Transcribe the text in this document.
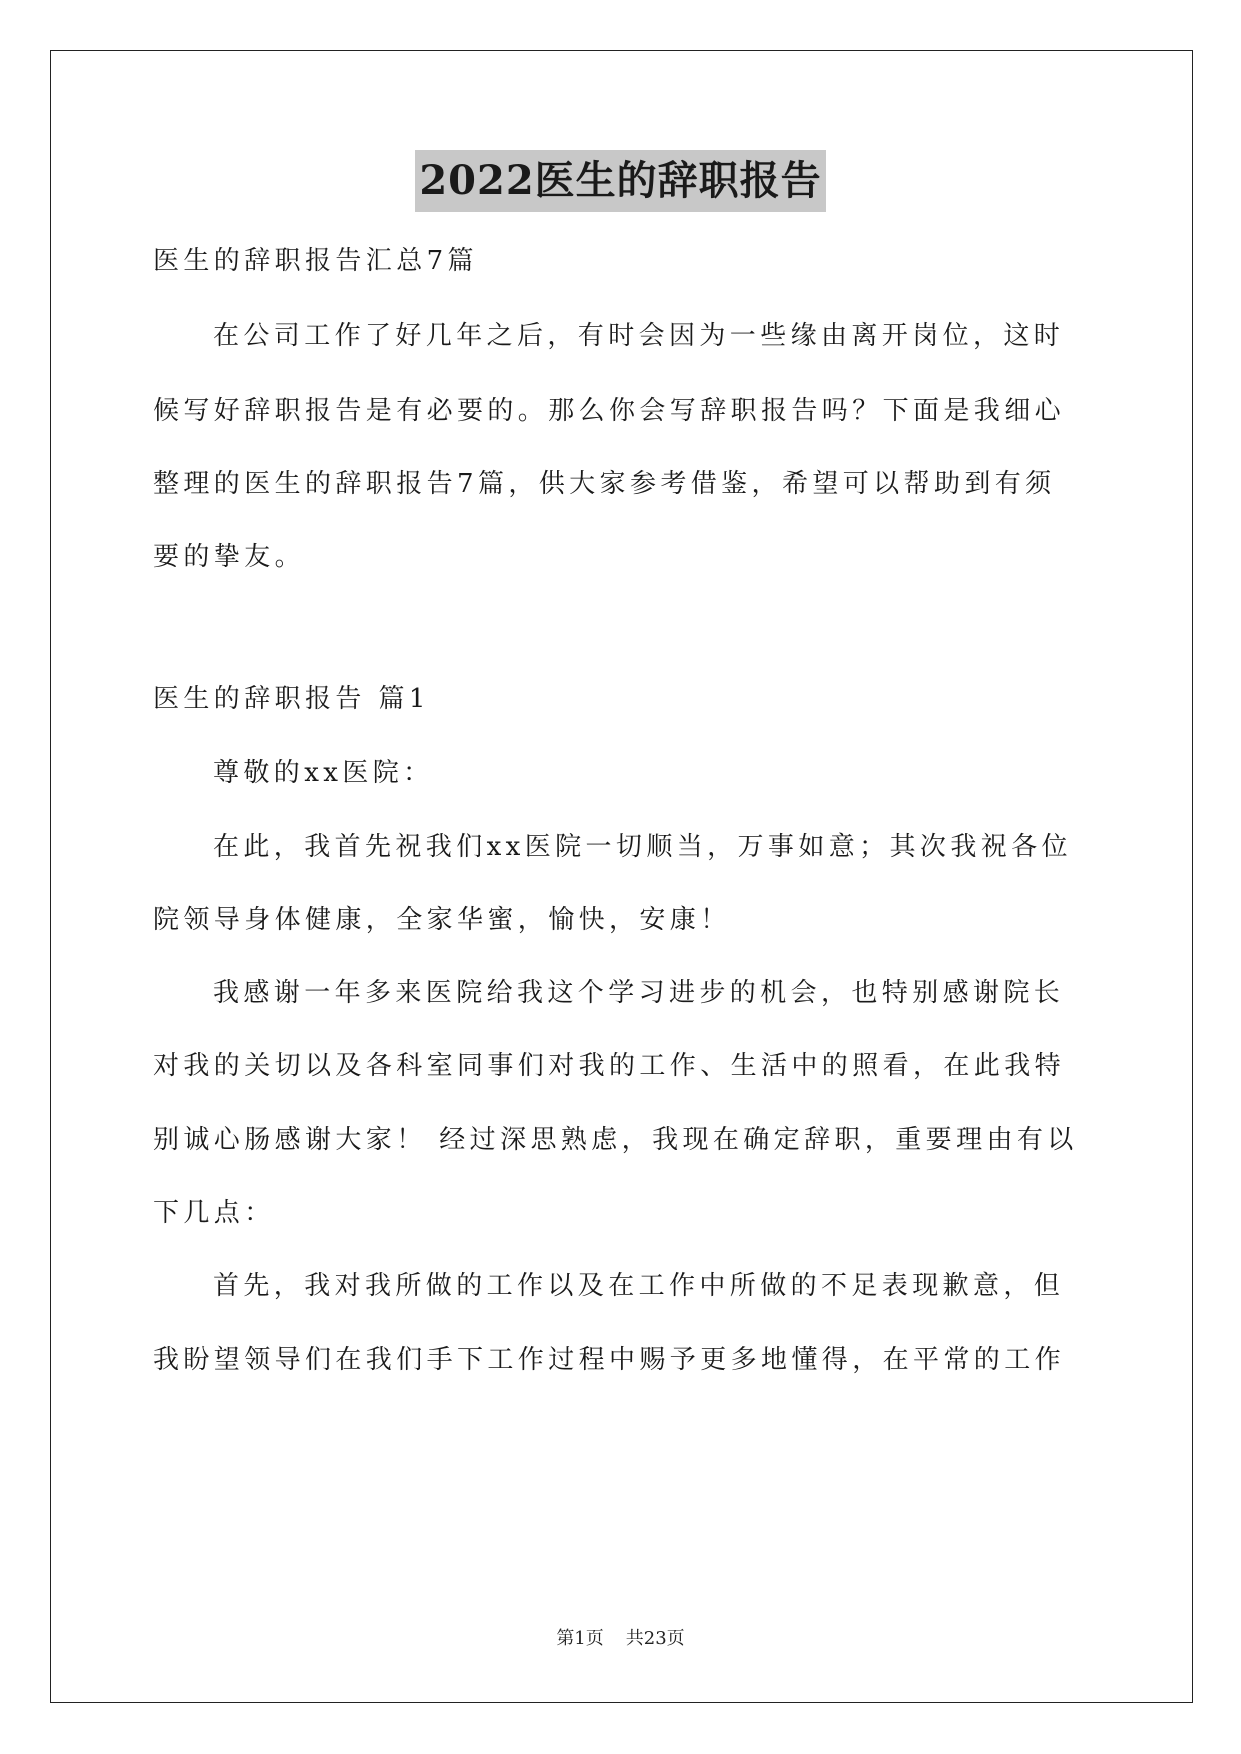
2022医生的辞职报告
医生的辞职报告汇总7篇
在公司工作了好几年之后，有时会因为一些缘由离开岗位，这时
候写好辞职报告是有必要的。那么你会写辞职报告吗？下面是我细心
整理的医生的辞职报告7篇，供大家参考借鉴，希望可以帮助到有须
要的挚友。
医生的辞职报告 篇1
尊敬的xx医院：
在此，我首先祝我们xx医院一切顺当，万事如意；其次我祝各位
院领导身体健康，全家华蜜，愉快，安康！
我感谢一年多来医院给我这个学习进步的机会，也特别感谢院长
对我的关切以及各科室同事们对我的工作、生活中的照看，在此我特
别诚心肠感谢大家！ 经过深思熟虑，我现在确定辞职，重要理由有以
下几点：
首先，我对我所做的工作以及在工作中所做的不足表现歉意，但
我盼望领导们在我们手下工作过程中赐予更多地懂得，在平常的工作
第1页 共23页
